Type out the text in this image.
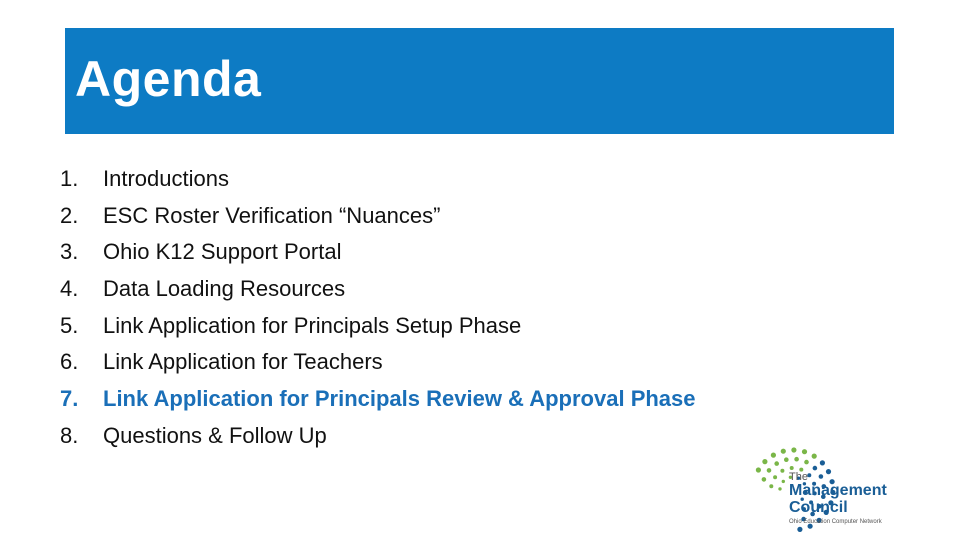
Agenda
1. Introductions
2. ESC Roster Verification “Nuances”
3. Ohio K12 Support Portal
4. Data Loading Resources
5. Link Application for Principals Setup Phase
6. Link Application for Teachers
7. Link Application for Principals Review & Approval Phase
8. Questions & Follow Up
The
Management
Council
Ohio Education Computer Network
